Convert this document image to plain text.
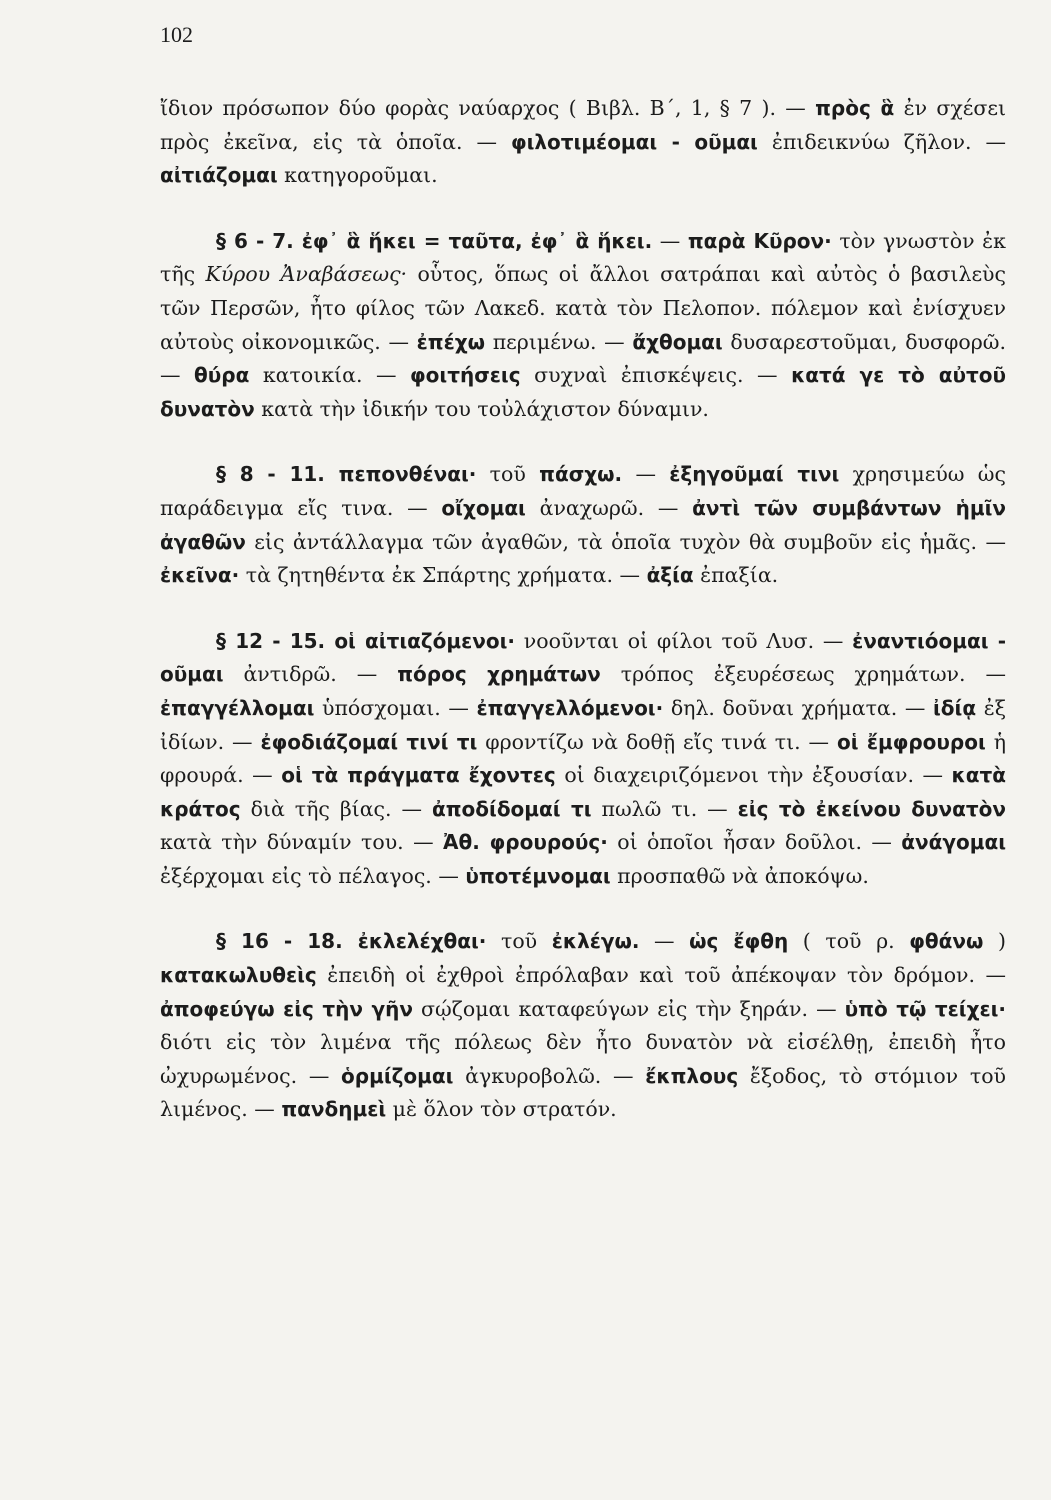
102

ἴδιον πρόσωπον δύο φορὰς ναύαρχος ( Βιβλ. Β΄, 1, § 7 ). — πρὸς ἃ ἐν σχέσει πρὸς ἐκεῖνα, εἰς τὰ ὁποῖα. — φιλοτιμέομαι - οῦμαι ἐπιδεικνύω ζῆλον. — αἰτιάζομαι κατηγοροῦμαι.

§ 6 - 7. ἐφ᾽ ἃ ἥκει = ταῦτα, ἐφ᾽ ἃ ἥκει. — παρὰ Κῦρον· τὸν γνωστὸν ἐκ τῆς Κύρου Ἀναβάσεως· οὗτος, ὅπως οἱ ἄλλοι σατράπαι καὶ αὐτὸς ὁ βασιλεὺς τῶν Περσῶν, ἦτο φίλος τῶν Λακεδ. κατὰ τὸν Πελοπον. πόλεμον καὶ ἐνίσχυεν αὐτοὺς οἰκονομικῶς. — ἐπέχω περιμένω. — ἄχθομαι δυσαρεστοῦμαι, δυσφορῶ. — θύρα κατοικία. — φοιτήσεις συχναὶ ἐπισκέψεις. — κατά γε τὸ αὐτοῦ δυνατὸν κατὰ τὴν ἰδικήν του τοὐλάχιστον δύναμιν.

§ 8 - 11. πεπονθέναι· τοῦ πάσχω. — ἐξηγοῦμαί τινι χρησιμεύω ὡς παράδειγμα εἴς τινα. — οἴχομαι ἀναχωρῶ. — ἀντὶ τῶν συμβάντων ἡμῖν ἀγαθῶν εἰς ἀντάλλαγμα τῶν ἀγαθῶν, τὰ ὁποῖα τυχὸν θὰ συμβοῦν εἰς ἡμᾶς. — ἐκεῖνα· τὰ ζητηθέντα ἐκ Σπάρτης χρήματα. — ἀξία ἐπαξία.

§ 12 - 15. οἱ αἰτιαζόμενοι· νοοῦνται οἱ φίλοι τοῦ Λυσ. — ἐναντιόομαι - οῦμαι ἀντιδρῶ. — πόρος χρημάτων τρόπος ἐξευρέσεως χρημάτων. — ἐπαγγέλλομαι ὑπόσχομαι. — ἐπαγγελλόμενοι· δηλ. δοῦναι χρήματα. — ἰδίᾳ ἐξ ἰδίων. — ἐφοδιάζομαί τινί τι φροντίζω νὰ δοθῇ εἴς τινά τι. — οἱ ἔμφρουροι ἡ φρουρά. — οἱ τὰ πράγματα ἔχοντες οἱ διαχειριζόμενοι τὴν ἐξουσίαν. — κατὰ κράτος διὰ τῆς βίας. — ἀποδίδομαί τι πωλῶ τι. — εἰς τὸ ἐκείνου δυνατὸν κατὰ τὴν δύναμίν του. — Ἀθ. φρουρούς· οἱ ὁποῖοι ἦσαν δοῦλοι. — ἀνάγομαι ἐξέρχομαι εἰς τὸ πέλαγος. — ὑποτέμνομαι προσπαθῶ νὰ ἀποκόψω.

§ 16 - 18. ἐκλελέχθαι· τοῦ ἐκλέγω. — ὡς ἔφθη ( τοῦ ρ. φθάνω ) κατακωλυθεὶς ἐπειδὴ οἱ ἐχθροὶ ἐπρόλαβαν καὶ τοῦ ἀπέκοψαν τὸν δρόμον. — ἀποφεύγω εἰς τὴν γῆν σῴζομαι καταφεύγων εἰς τὴν ξηράν. — ὑπὸ τῷ τείχει· διότι εἰς τὸν λιμένα τῆς πόλεως δὲν ἦτο δυνατὸν νὰ εἰσέλθῃ, ἐπειδὴ ἦτο ὠχυρωμένος. — ὁρμίζομαι ἀγκυροβολῶ. — ἔκπλους ἔξοδος, τὸ στόμιον τοῦ λιμένος. — πανδημεὶ μὲ ὅλον τὸν στρατόν.
